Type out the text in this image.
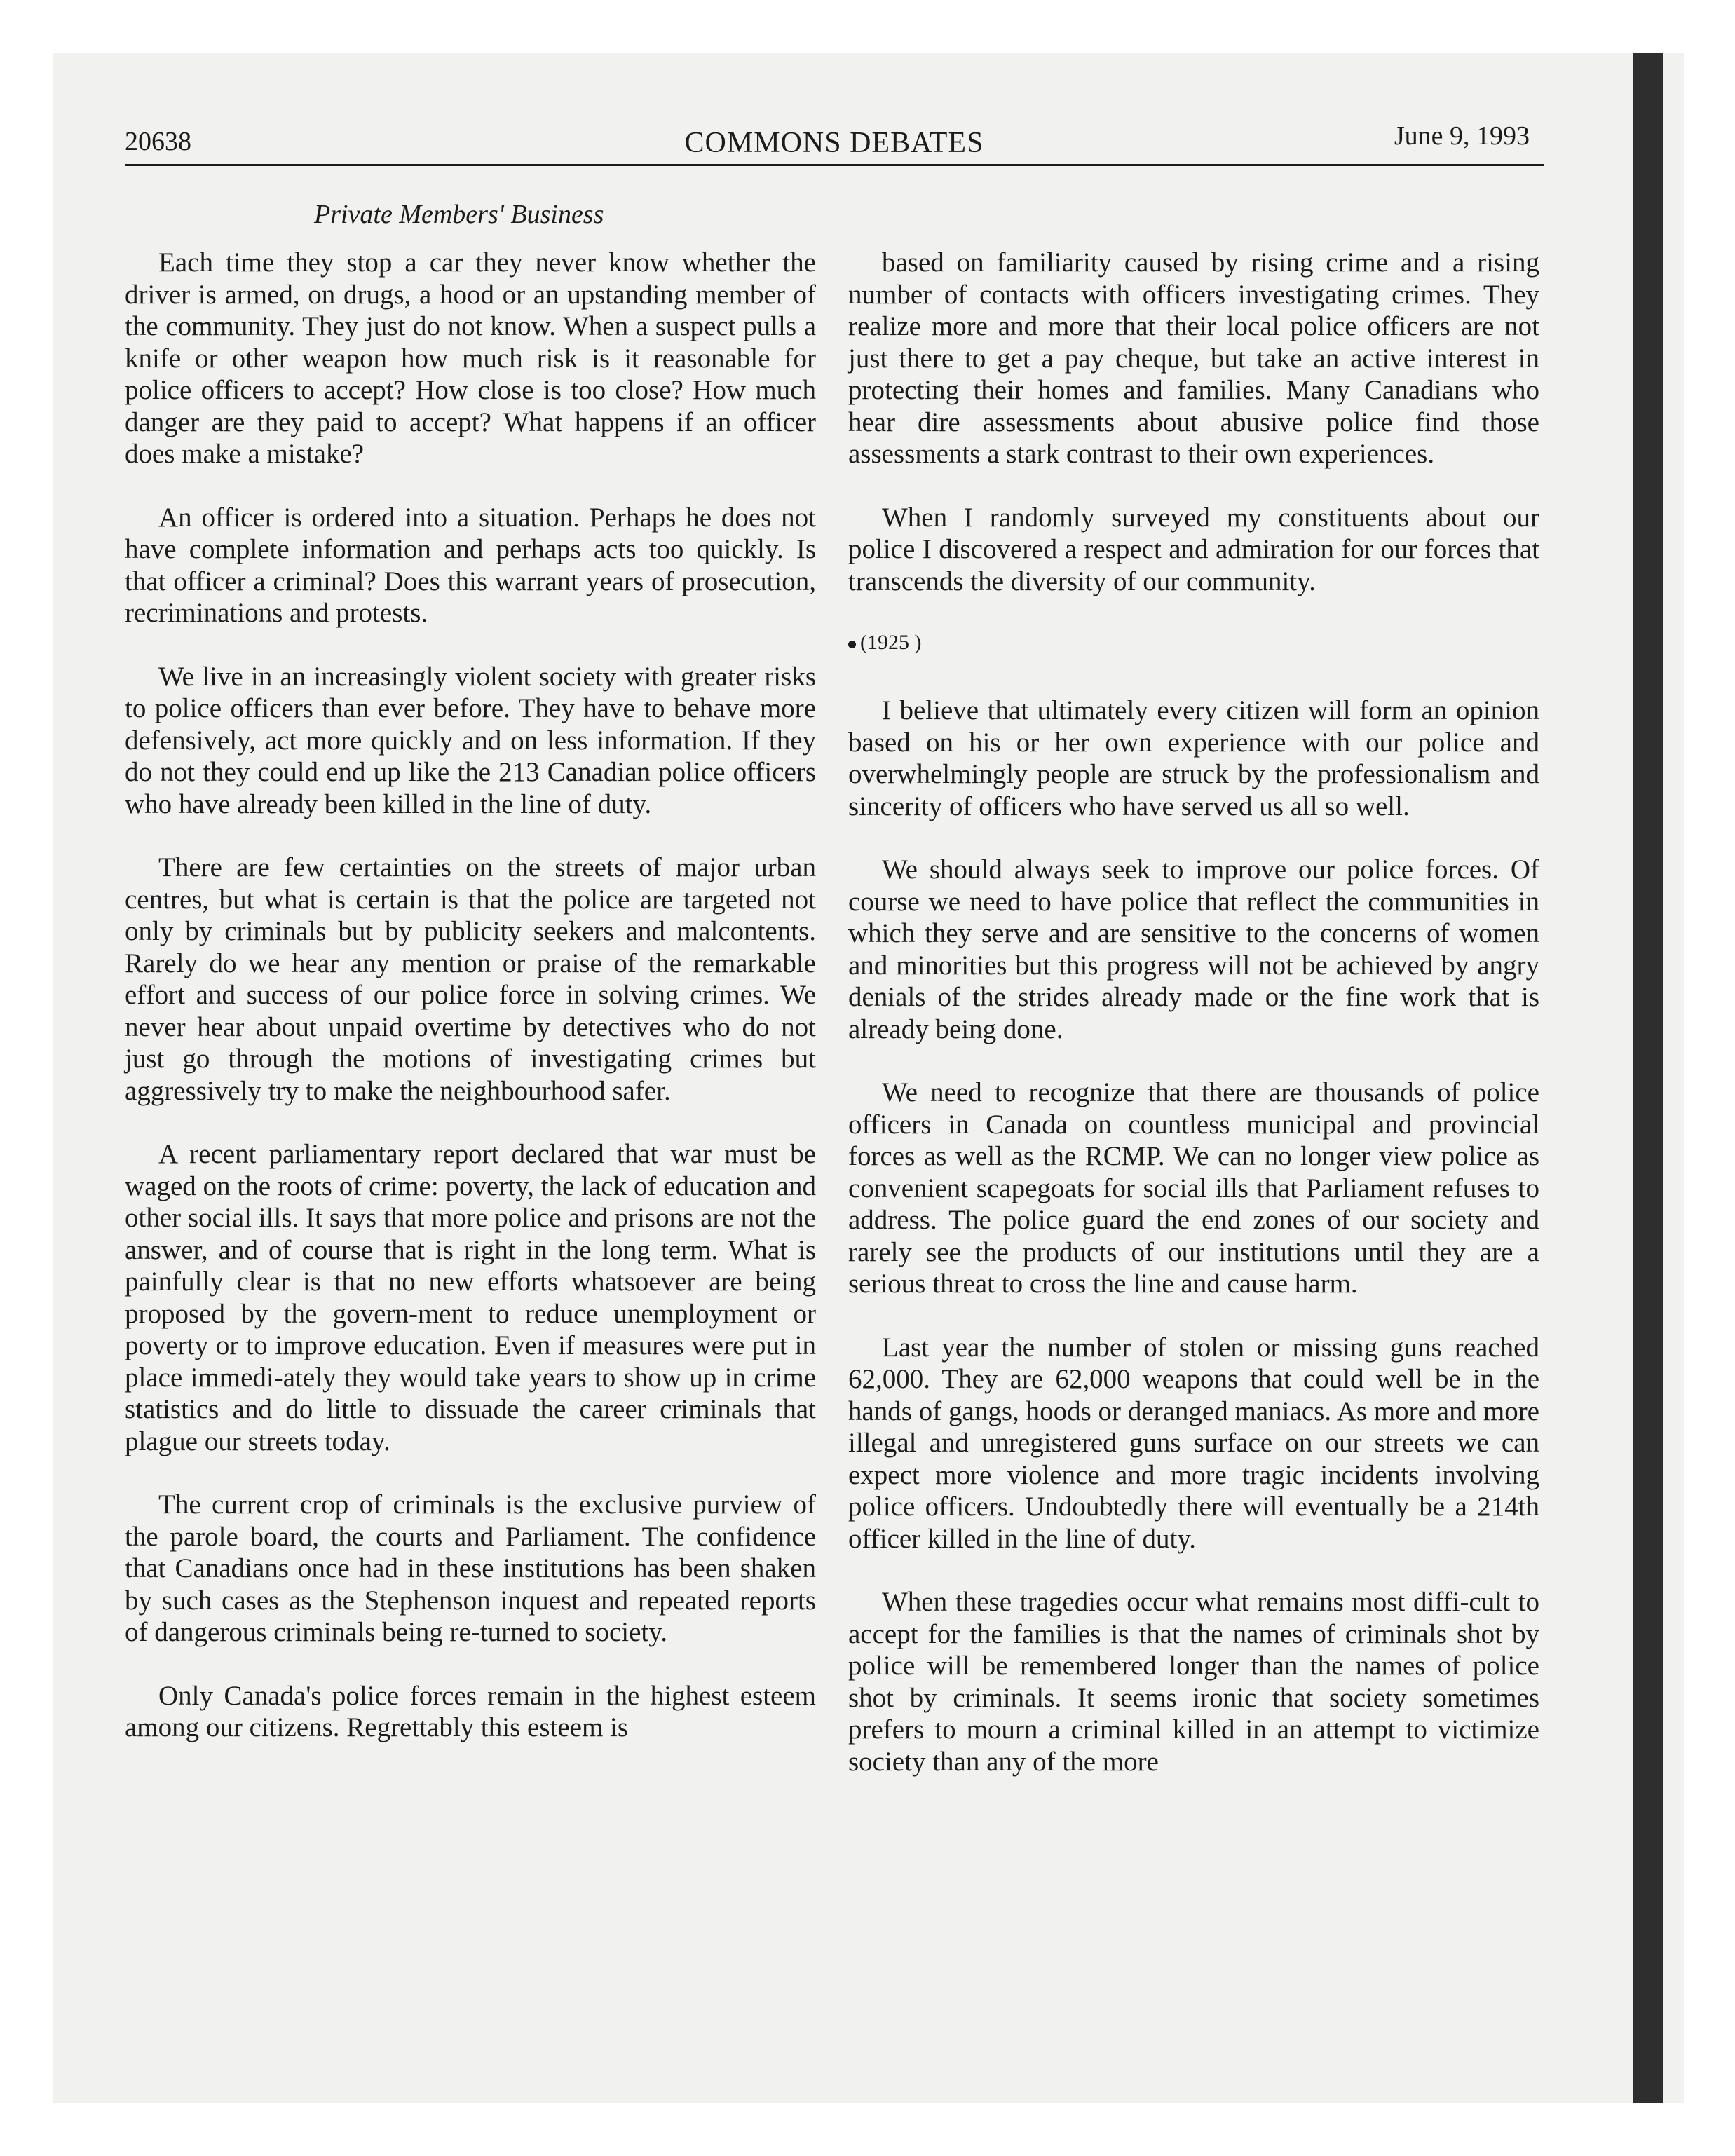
20638	COMMONS DEBATES	June 9, 1993
Private Members' Business

Each time they stop a car they never know whether the driver is armed, on drugs, a hood or an upstanding member of the community. They just do not know. When a suspect pulls a knife or other weapon how much risk is it reasonable for police officers to accept? How close is too close? How much danger are they paid to accept? What happens if an officer does make a mistake?

An officer is ordered into a situation. Perhaps he does not have complete information and perhaps acts too quickly. Is that officer a criminal? Does this warrant years of prosecution, recriminations and protests.

We live in an increasingly violent society with greater risks to police officers than ever before. They have to behave more defensively, act more quickly and on less information. If they do not they could end up like the 213 Canadian police officers who have already been killed in the line of duty.

There are few certainties on the streets of major urban centres, but what is certain is that the police are targeted not only by criminals but by publicity seekers and malcontents. Rarely do we hear any mention or praise of the remarkable effort and success of our police force in solving crimes. We never hear about unpaid overtime by detectives who do not just go through the motions of investigating crimes but aggressively try to make the neighbourhood safer.

A recent parliamentary report declared that war must be waged on the roots of crime: poverty, the lack of education and other social ills. It says that more police and prisons are not the answer, and of course that is right in the long term. What is painfully clear is that no new efforts whatsoever are being proposed by the govern-ment to reduce unemployment or poverty or to improve education. Even if measures were put in place immedi-ately they would take years to show up in crime statistics and do little to dissuade the career criminals that plague our streets today.

The current crop of criminals is the exclusive purview of the parole board, the courts and Parliament. The confidence that Canadians once had in these institutions has been shaken by such cases as the Stephenson inquest and repeated reports of dangerous criminals being re-turned to society.

Only Canada's police forces remain in the highest esteem among our citizens. Regrettably this esteem is

based on familiarity caused by rising crime and a rising number of contacts with officers investigating crimes. They realize more and more that their local police officers are not just there to get a pay cheque, but take an active interest in protecting their homes and families. Many Canadians who hear dire assessments about abusive police find those assessments a stark contrast to their own experiences.

When I randomly surveyed my constituents about our police I discovered a respect and admiration for our forces that transcends the diversity of our community.

(1925 )

I believe that ultimately every citizen will form an opinion based on his or her own experience with our police and overwhelmingly people are struck by the professionalism and sincerity of officers who have served us all so well.

We should always seek to improve our police forces. Of course we need to have police that reflect the communities in which they serve and are sensitive to the concerns of women and minorities but this progress will not be achieved by angry denials of the strides already made or the fine work that is already being done.

We need to recognize that there are thousands of police officers in Canada on countless municipal and provincial forces as well as the RCMP. We can no longer view police as convenient scapegoats for social ills that Parliament refuses to address. The police guard the end zones of our society and rarely see the products of our institutions until they are a serious threat to cross the line and cause harm.

Last year the number of stolen or missing guns reached 62,000. They are 62,000 weapons that could well be in the hands of gangs, hoods or deranged maniacs. As more and more illegal and unregistered guns surface on our streets we can expect more violence and more tragic incidents involving police officers. Undoubtedly there will eventually be a 214th officer killed in the line of duty.

When these tragedies occur what remains most diffi-cult to accept for the families is that the names of criminals shot by police will be remembered longer than the names of police shot by criminals. It seems ironic that society sometimes prefers to mourn a criminal killed in an attempt to victimize society than any of the more
